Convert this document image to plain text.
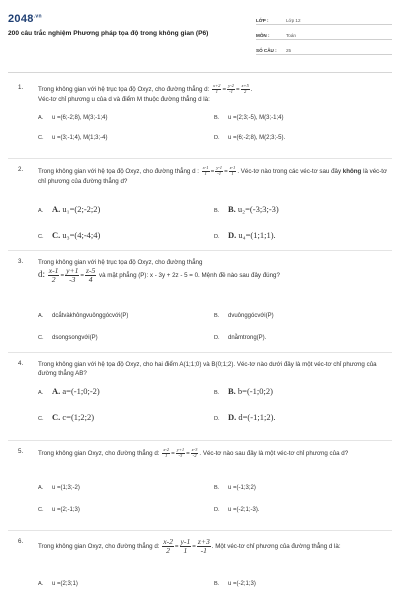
$2048^{.vn}$
200 câu trắc nghiệm Phương pháp tọa độ trong không gian (P6)
LỚP :	Lớp 12
MÔN :	Toán
SỐ CÂU :	25
1. Trong không gian với hệ trục tọa độ Oxyz, cho đường thẳng d: $\frac{x+2}{1} = \frac{y-2}{-1} = \frac{z+5}{2}$ .
Véc-tơ chỉ phương u của d và điểm M thuộc đường thẳng d là:
A. u =(6;-2;8), M(3;-1;4)	B. u =(2;3;-5), M(3;-1;4)
C. u =(3;-1;4), M(1;3;-4)	D. u =(6;-2;8), M(2;3;-5).
2. Trong không gian với hệ tọa độ Oxyz, cho đường thẳng d : $\frac{x-1}{1} = \frac{y-1}{-1} = \frac{z-1}{1}$ . Véc-tơ nào trong các véc-tơ sau đây không là véc-tơ chỉ phương của đường thẳng d?
A. A. u₁=(2;-2;2)	B. B. u₂=(-3;3;-3)
C. C. u₃=(4;-4;4)	D. D. u₄=(1;1;1).
3. Trong không gian với hệ trục tọa độ Oxyz, cho đường thẳng
d: $\frac{x-1}{2} = \frac{y+1}{-3} = \frac{z-5}{4}$ và mặt phẳng (P): x - 3y + 2z - 5 = 0. Mệnh đề nào sau đây đúng?
A. dcắtvàkhôngvuônggócvới(P)	B. dvuônggócvới(P)
C. dsongsongvới(P)	D. dnằmtrong(P).
4. Trong không gian với hệ tọa độ Oxyz, cho hai điểm A(1;1;0) và B(0;1;2). Véc-tơ nào dưới đây là một véc-tơ chỉ phương của đường thẳng AB?
A. A. a=(-1;0;-2)	B. B. b=(-1;0;2)
C. C. c=(1;2;2)	D. D. d=(-1;1;2).
5. Trong không gian Oxyz, cho đường thẳng d: $\frac{x-2}{1} = \frac{y+1}{-3} = \frac{z-3}{-2}$ . Véc-tơ nào sau đây là một véc-tơ chỉ phương của d?
A. u =(1;3;-2)	B. u =(-1;3;2)
C. u =(2;-1;3)	D. u =(-2;1;-3).
6.
Trong không gian Oxyz, cho đường thẳng d: $\frac{x-2}{2} = \frac{y-1}{1} = \frac{z+3}{-1}$ . Một véc-tơ chỉ phương của đường thẳng d là:
A. u =(2;3;1)	B. u =(-2;1;3)
